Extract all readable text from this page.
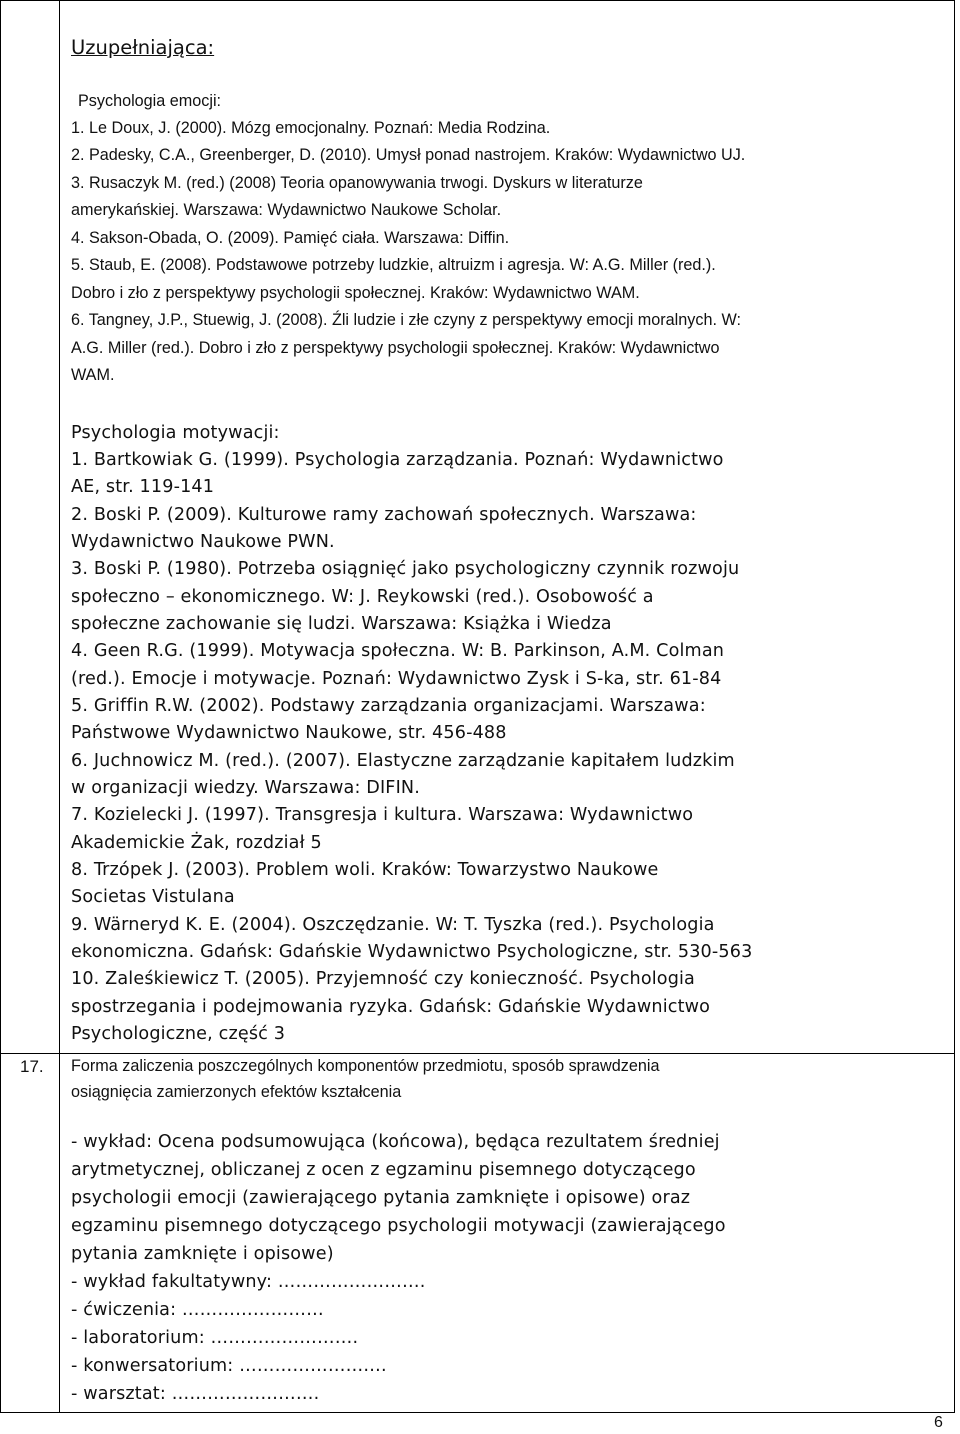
Uzupełniająca:
Psychologia emocji:
1. Le Doux, J. (2000). Mózg emocjonalny. Poznań: Media Rodzina.
2. Padesky, C.A., Greenberger, D. (2010). Umysł ponad nastrojem. Kraków: Wydawnictwo UJ.
3. Rusaczyk M. (red.) (2008) Teoria opanowywania trwogi. Dyskurs w literaturze
amerykańskiej. Warszawa: Wydawnictwo Naukowe Scholar.
4. Sakson-Obada, O. (2009). Pamięć ciała. Warszawa: Diffin.
5. Staub, E. (2008). Podstawowe potrzeby ludzkie, altruizm i agresja. W: A.G. Miller (red.).
Dobro i zło z perspektywy psychologii społecznej. Kraków: Wydawnictwo WAM.
6. Tangney, J.P., Stuewig, J. (2008). Źli ludzie i złe czyny z perspektywy emocji moralnych. W:
A.G. Miller (red.). Dobro i zło z perspektywy psychologii społecznej. Kraków: Wydawnictwo
WAM.
Psychologia motywacji:
1. Bartkowiak G. (1999). Psychologia zarządzania. Poznań: Wydawnictwo
AE, str. 119-141
2. Boski P. (2009). Kulturowe ramy zachowań społecznych. Warszawa:
Wydawnictwo Naukowe PWN.
3. Boski P. (1980). Potrzeba osiągnięć jako psychologiczny czynnik rozwoju
społeczno – ekonomicznego. W: J. Reykowski (red.). Osobowość a
społeczne zachowanie się ludzi. Warszawa: Książka i Wiedza
4. Geen R.G. (1999). Motywacja społeczna. W: B. Parkinson, A.M. Colman
(red.). Emocje i motywacje. Poznań: Wydawnictwo Zysk i S-ka, str. 61-84
5. Griffin R.W. (2002). Podstawy zarządzania organizacjami. Warszawa:
Państwowe Wydawnictwo Naukowe, str. 456-488
6. Juchnowicz M. (red.). (2007). Elastyczne zarządzanie kapitałem ludzkim
w organizacji wiedzy. Warszawa: DIFIN.
7. Kozielecki J. (1997). Transgresja i kultura. Warszawa: Wydawnictwo
Akademickie Żak, rozdział 5
8. Trzópek J. (2003). Problem woli. Kraków: Towarzystwo Naukowe
Societas Vistulana
9. Wärneryd K. E. (2004). Oszczędzanie. W: T. Tyszka (red.). Psychologia
ekonomiczna. Gdańsk: Gdańskie Wydawnictwo Psychologiczne, str. 530-563
10. Zaleśkiewicz T. (2005). Przyjemność czy konieczność. Psychologia
spostrzegania i podejmowania ryzyka. Gdańsk: Gdańskie Wydawnictwo
Psychologiczne, część 3
17. Forma zaliczenia poszczególnych komponentów przedmiotu, sposób sprawdzenia
osiągnięcia zamierzonych efektów kształcenia
- wykład: Ocena podsumowująca (końcowa), będąca rezultatem średniej
arytmetycznej, obliczanej z ocen z egzaminu pisemnego dotyczącego
psychologii emocji (zawierającego pytania zamknięte i opisowe) oraz
egzaminu pisemnego dotyczącego psychologii motywacji (zawierającego
pytania zamknięte i opisowe)
- wykład fakultatywny: …………………….
- ćwiczenia: ……………………
- laboratorium: …………………….
- konwersatorium: …………………….
- warsztat: …………………….
6
